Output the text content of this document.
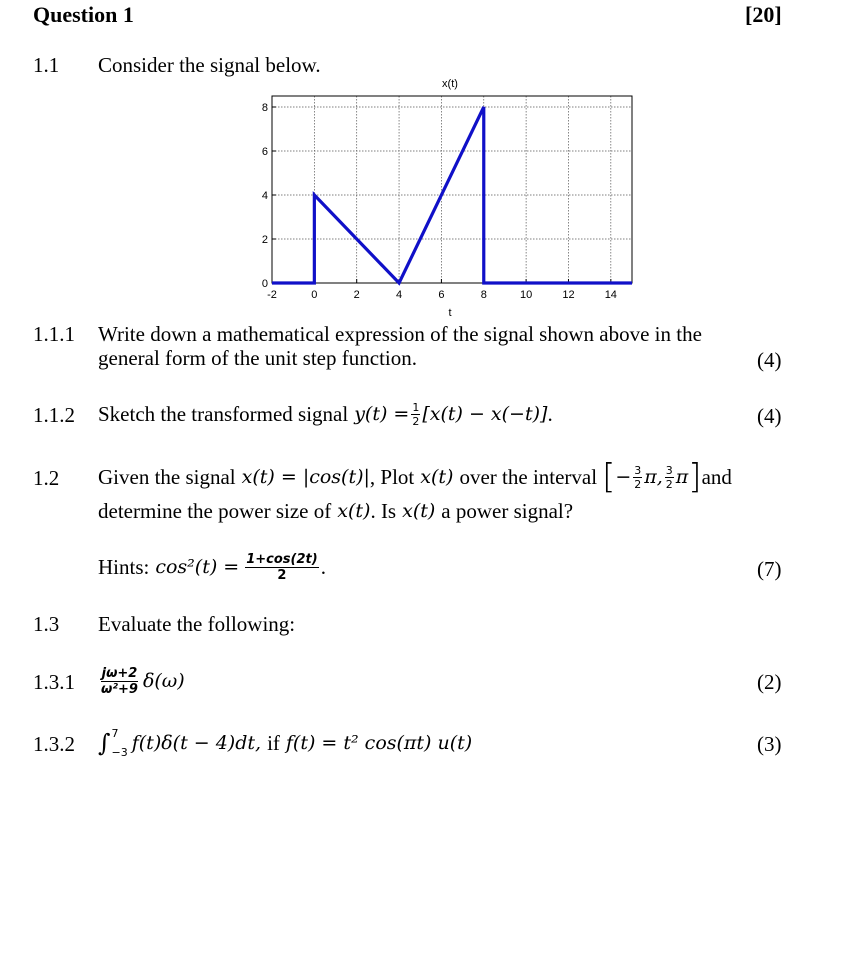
Question 1	[20]
1.1 Consider the signal below.
x(t)
-2	0	2	4	6	8	10	12	14
0
2
4
6
8
t
1.1.1 Write down a mathematical expression of the signal shown above in the
general form of the unit step function.	(4)
1.1.2 Sketch the transformed signal $y(t) = \frac{1}{2} [x(t) - x(-t)]$ .	(4)
1.2 Given the signal x(t) = |cos(t)| , Plot x(t) over the interval [ − $\frac{3}{2} \pi$, $\frac{3}{2}$ π ] and
determine the power size of x(t) . Is x(t) a power signal?
Hints: $\cos^2(t) = \frac{1+\cos(2t)}{2}$ .	(7)
1.3 Evaluate the following:
$1.3.1 \frac{j\omega+2}{\text{ω²+9}} \delta(\omega)$	(2)
1.3.2 ∫ 7
−3 f(t)δ(t − 4)dt, if f(t) = t² cos(πt) u(t)	(3)
